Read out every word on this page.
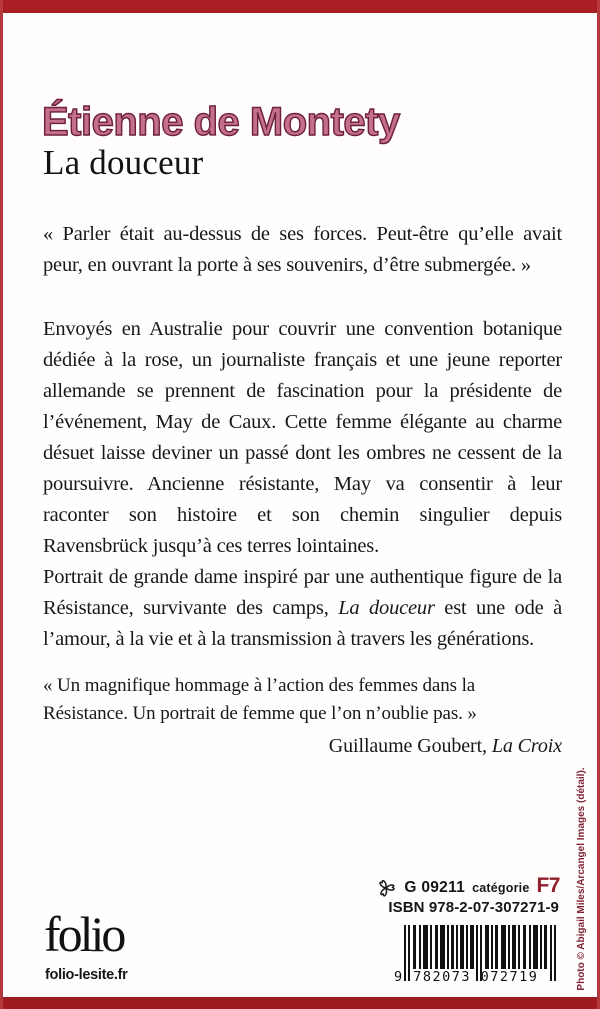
Étienne de Montety
La douceur
« Parler était au-dessus de ses forces. Peut-être qu’elle avait peur, en ouvrant la porte à ses souvenirs, d’être submergée. »

Envoyés en Australie pour couvrir une convention botanique dédiée à la rose, un journaliste français et une jeune reporter allemande se prennent de fascination pour la présidente de l’événement, May de Caux. Cette femme élégante au charme désuet laisse deviner un passé dont les ombres ne cessent de la poursuivre. Ancienne résistante, May va consentir à leur raconter son histoire et son chemin singulier depuis Ravensbrück jusqu’à ces terres lointaines.

Portrait de grande dame inspiré par une authentique figure de la Résistance, survivante des camps, La douceur est une ode à l’amour, à la vie et à la transmission à travers les générations.

« Un magnifique hommage à l’action des femmes dans la Résistance. Un portrait de femme que l’on n’oublie pas. »
Guillaume Goubert, La Croix
folio
folio-lesite.fr
G 09211 catégorie F7
ISBN 978-2-07-307271-9
9 782073 072719	Photo © Abigail Miles/Arcangel Images (détail).
